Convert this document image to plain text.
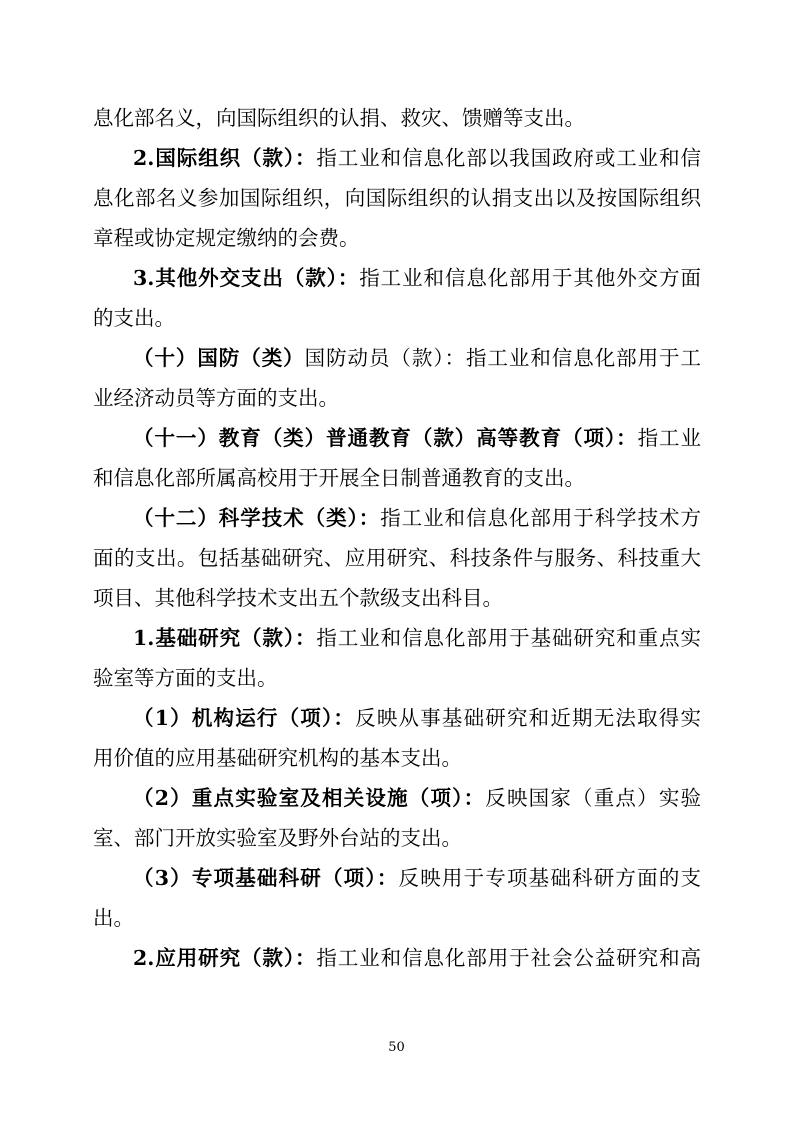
息化部名义，向国际组织的认捐、救灾、馈赠等支出。
2.国际组织（款）：指工业和信息化部以我国政府或工业和信
息化部名义参加国际组织，向国际组织的认捐支出以及按国际组织
章程或协定规定缴纳的会费。
3.其他外交支出（款）：指工业和信息化部用于其他外交方面
的支出。
（十）国防（类）国防动员（款）：指工业和信息化部用于工
业经济动员等方面的支出。
（十一）教育（类）普通教育（款）高等教育（项）：指工业
和信息化部所属高校用于开展全日制普通教育的支出。
（十二）科学技术（类）：指工业和信息化部用于科学技术方
面的支出。包括基础研究、应用研究、科技条件与服务、科技重大
项目、其他科学技术支出五个款级支出科目。
1.基础研究（款）：指工业和信息化部用于基础研究和重点实
验室等方面的支出。
（1）机构运行（项）：反映从事基础研究和近期无法取得实
用价值的应用基础研究机构的基本支出。
（2）重点实验室及相关设施（项）：反映国家（重点）实验
室、部门开放实验室及野外台站的支出。
（3）专项基础科研（项）：反映用于专项基础科研方面的支
出。
2.应用研究（款）：指工业和信息化部用于社会公益研究和高
50
